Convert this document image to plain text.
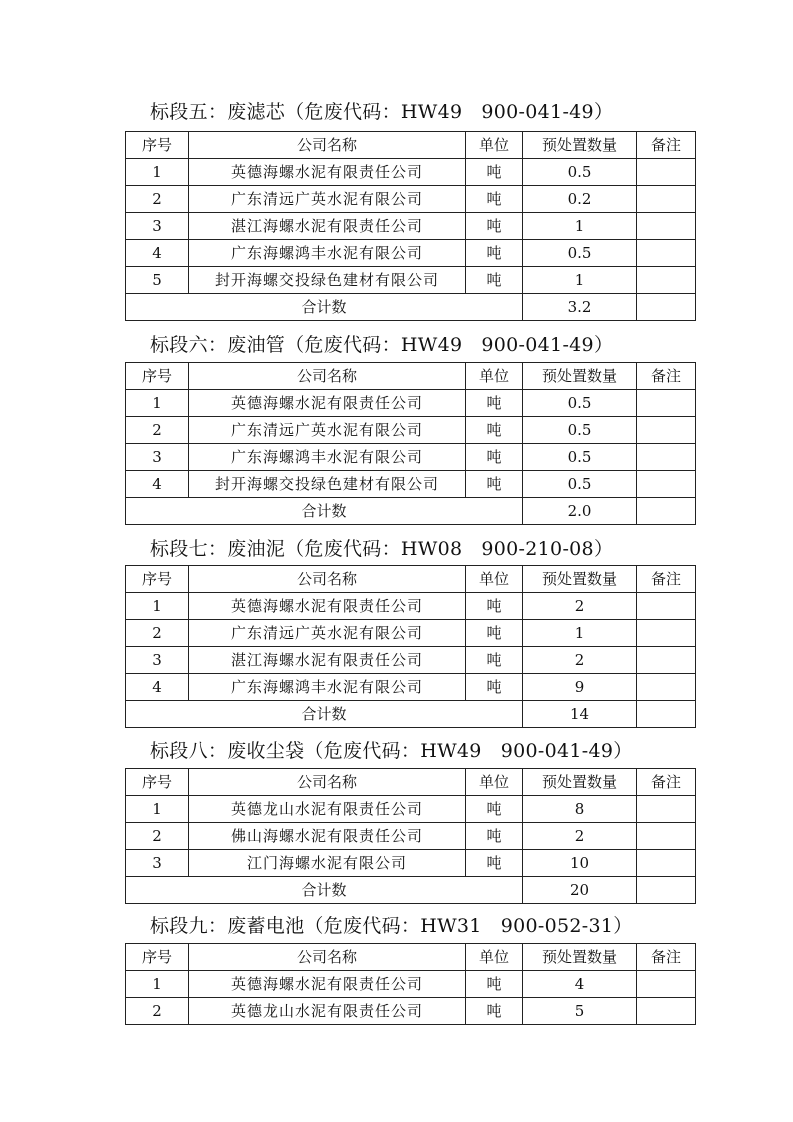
标段五：废滤芯（危废代码：HW49   900-041-49）
序号	公司名称	单位	预处置数量	备注
1	英德海螺水泥有限责任公司	吨	0.5	
2	广东清远广英水泥有限公司	吨	0.2	
3	湛江海螺水泥有限责任公司	吨	1	
4	广东海螺鸿丰水泥有限公司	吨	0.5	
5	封开海螺交投绿色建材有限公司	吨	1	
合计数			3.2	
标段六：废油管（危废代码：HW49   900-041-49）
序号	公司名称	单位	预处置数量	备注
1	英德海螺水泥有限责任公司	吨	0.5	
2	广东清远广英水泥有限公司	吨	0.5	
3	广东海螺鸿丰水泥有限公司	吨	0.5	
4	封开海螺交投绿色建材有限公司	吨	0.5	
合计数			2.0	
标段七：废油泥（危废代码：HW08   900-210-08）
序号	公司名称	单位	预处置数量	备注
1	英德海螺水泥有限责任公司	吨	2	
2	广东清远广英水泥有限公司	吨	1	
3	湛江海螺水泥有限责任公司	吨	2	
4	广东海螺鸿丰水泥有限公司	吨	9	
合计数			14	
标段八：废收尘袋（危废代码：HW49   900-041-49）
序号	公司名称	单位	预处置数量	备注
1	英德龙山水泥有限责任公司	吨	8	
2	佛山海螺水泥有限责任公司	吨	2	
3	江门海螺水泥有限公司	吨	10	
合计数			20	
标段九：废蓄电池（危废代码：HW31   900-052-31）
序号	公司名称	单位	预处置数量	备注
1	英德海螺水泥有限责任公司	吨	4	
2	英德龙山水泥有限责任公司	吨	5	
